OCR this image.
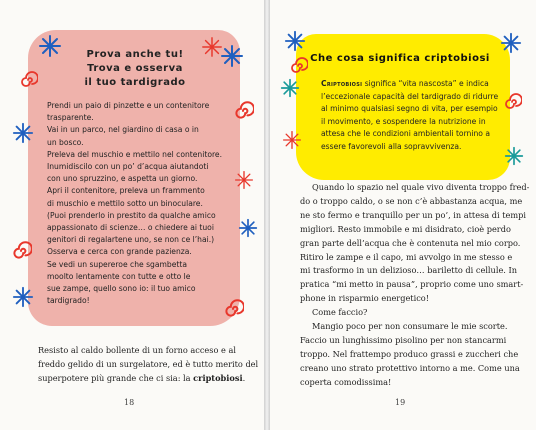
Prova anche tu!
Trova e osserva
il tuo tardigrado
Prendi un paio di pinzette e un contenitore
trasparente.
Vai in un parco, nel giardino di casa o in
un bosco.
Preleva del muschio e mettilo nel contenitore.
Inumidiscilo con un po’ d’acqua aiutandoti
con uno spruzzino, e aspetta un giorno.
Apri il contenitore, preleva un frammento
di muschio e mettilo sotto un binoculare.
(Puoi prenderlo in prestito da qualche amico
appassionato di scienze… o chiedere ai tuoi
genitori di regalartene uno, se non ce l’hai.)
Osserva e cerca con grande pazienza.
Se vedi un supereroe che sgambetta
moolto lentamente con tutte e otto le
sue zampe, quello sono io: il tuo amico
tardigrado!
Resisto al caldo bollente di un forno acceso e al
freddo gelido di un surgelatore, ed è tutto merito del
superpotere più grande che ci sia: la criptobiosi.
18
Che cosa significa criptobiosi
Criptobiosi significa “vita nascosta” e indica
l’eccezionale capacità del tardigrado di ridurre
al minimo qualsiasi segno di vita, per esempio
il movimento, e sospendere la nutrizione in
attesa che le condizioni ambientali tornino a
essere favorevoli alla sopravvivenza.
Quando lo spazio nel quale vivo diventa troppo fred-
do o troppo caldo, o se non c’è abbastanza acqua, me
ne sto fermo e tranquillo per un po’, in attesa di tempi
migliori. Resto immobile e mi disidrato, cioè perdo
gran parte dell’acqua che è contenuta nel mio corpo.
Ritiro le zampe e il capo, mi avvolgo in me stesso e
mi trasformo in un delizioso… bariletto di cellule. In
pratica “mi metto in pausa”, proprio come uno smart-
phone in risparmio energetico!
Come faccio?
Mangio poco per non consumare le mie scorte.
Faccio un lunghissimo pisolino per non stancarmi
troppo. Nel frattempo produco grassi e zuccheri che
creano uno strato protettivo intorno a me. Come una
coperta comodissima!
19
